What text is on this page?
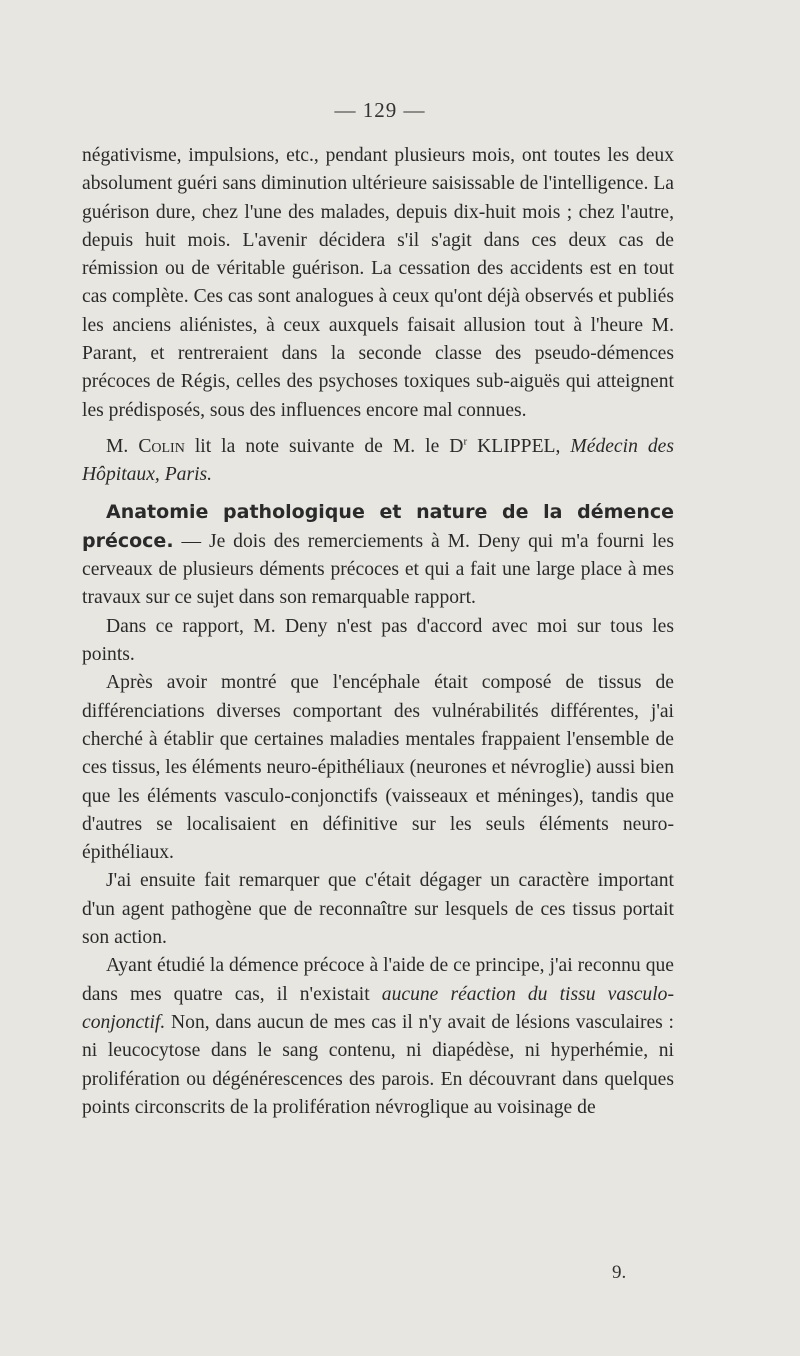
— 129 —

négativisme, impulsions, etc., pendant plusieurs mois, ont toutes les deux absolument guéri sans diminution ultérieure saisissable de l'intelligence. La guérison dure, chez l'une des malades, depuis dix-huit mois ; chez l'autre, depuis huit mois. L'avenir décidera s'il s'agit dans ces deux cas de rémission ou de véritable guérison. La cessation des accidents est en tout cas complète. Ces cas sont analogues à ceux qu'ont déjà observés et publiés les anciens aliénistes, à ceux auxquels faisait allusion tout à l'heure M. Parant, et rentreraient dans la seconde classe des pseudo-démences précoces de Régis, celles des psychoses toxiques sub-aiguës qui atteignent les prédisposés, sous des influences encore mal connues.

M. Colin lit la note suivante de M. le $D^r$ KLIPPEL, Médecin des Hôpitaux, Paris.

Anatomie pathologique et nature de la démence précoce. — Je dois des remerciements à M. Deny qui m'a fourni les cerveaux de plusieurs déments précoces et qui a fait une large place à mes travaux sur ce sujet dans son remarquable rapport.

Dans ce rapport, M. Deny n'est pas d'accord avec moi sur tous les points.

Après avoir montré que l'encéphale était composé de tissus de différenciations diverses comportant des vulnérabilités différentes, j'ai cherché à établir que certaines maladies mentales frappaient l'ensemble de ces tissus, les éléments neuro-épithéliaux (neurones et névroglie) aussi bien que les éléments vasculo-conjonctifs (vaisseaux et méninges), tandis que d'autres se localisaient en définitive sur les seuls éléments neuro-épithéliaux.

J'ai ensuite fait remarquer que c'était dégager un caractère important d'un agent pathogène que de reconnaître sur lesquels de ces tissus portait son action.

Ayant étudié la démence précoce à l'aide de ce principe, j'ai reconnu que dans mes quatre cas, il n'existait aucune réaction du tissu vasculo-conjonctif. Non, dans aucun de mes cas il n'y avait de lésions vasculaires : ni leucocytose dans le sang contenu, ni diapédèse, ni hyperhémie, ni prolifération ou dégénérescences des parois. En découvrant dans quelques points circonscrits de la prolifération névroglique au voisinage de

9.
